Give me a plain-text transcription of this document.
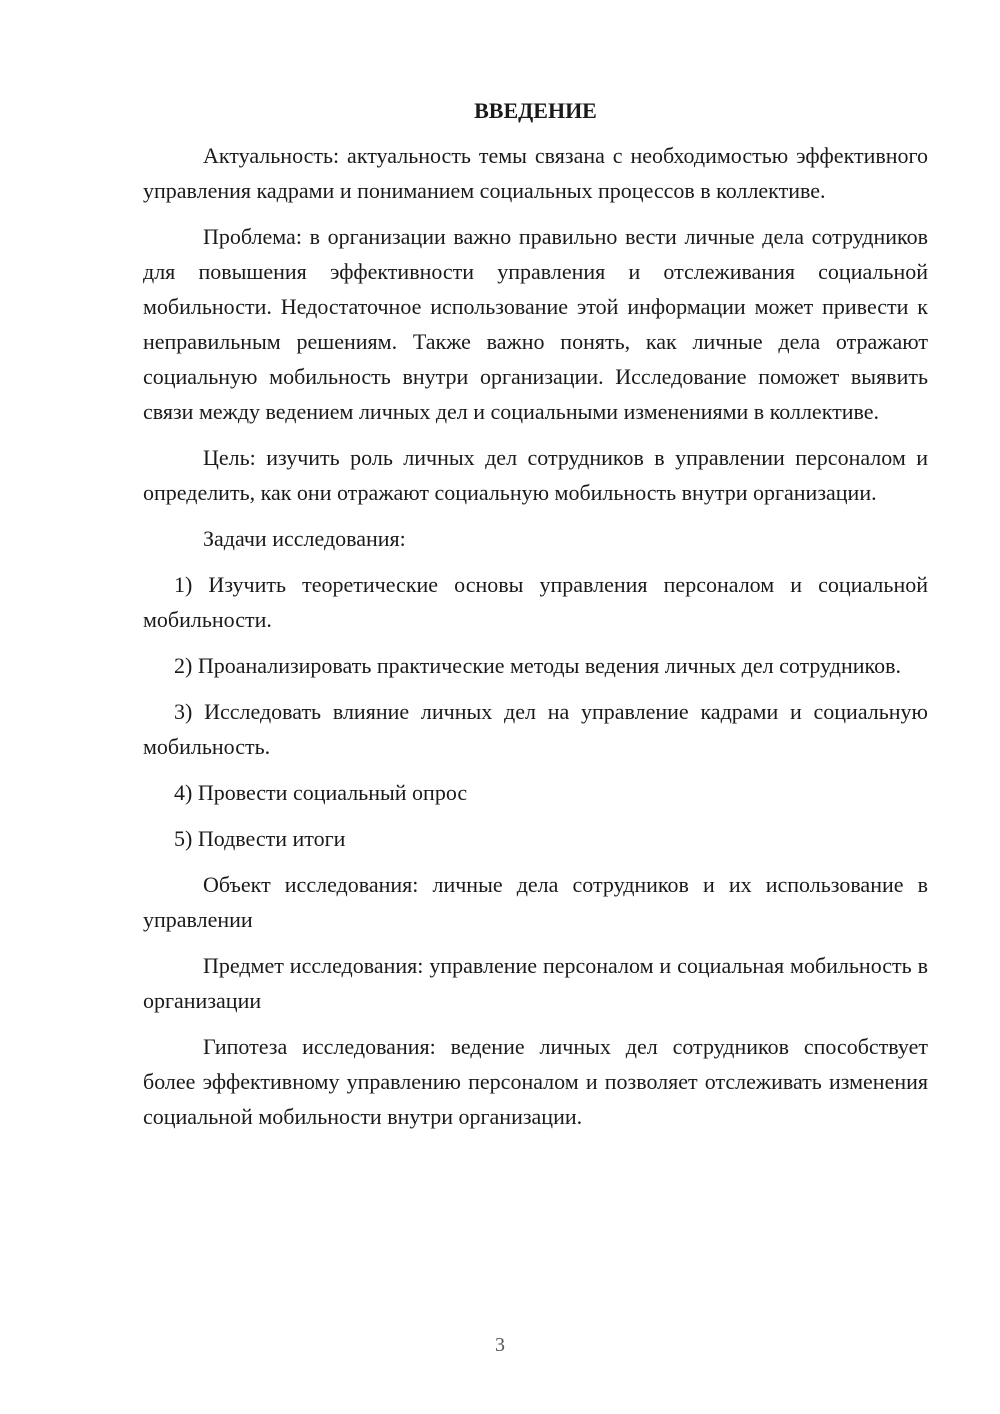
ВВЕДЕНИЕ

Актуальность: актуальность темы связана с необходимостью эффективного управления кадрами и пониманием социальных процессов в коллективе.

Проблема: в организации важно правильно вести личные дела сотрудников для повышения эффективности управления и отслеживания социальной мобильности. Недостаточное использование этой информации может привести к неправильным решениям. Также важно понять, как личные дела отражают социальную мобильность внутри организации. Исследование поможет выявить связи между ведением личных дел и социальными изменениями в коллективе.

Цель: изучить роль личных дел сотрудников в управлении персоналом и определить, как они отражают социальную мобильность внутри организации.

Задачи исследования:

1) Изучить теоретические основы управления персоналом и социальной мобильности.

2) Проанализировать практические методы ведения личных дел сотрудников.

3) Исследовать влияние личных дел на управление кадрами и социальную мобильность.

4) Провести социальный опрос

5) Подвести итоги

Объект исследования: личные дела сотрудников и их использование в управлении

Предмет исследования: управление персоналом и социальная мобильность в организации

Гипотеза исследования: ведение личных дел сотрудников способствует более эффективному управлению персоналом и позволяет отслеживать изменения социальной мобильности внутри организации.

3
